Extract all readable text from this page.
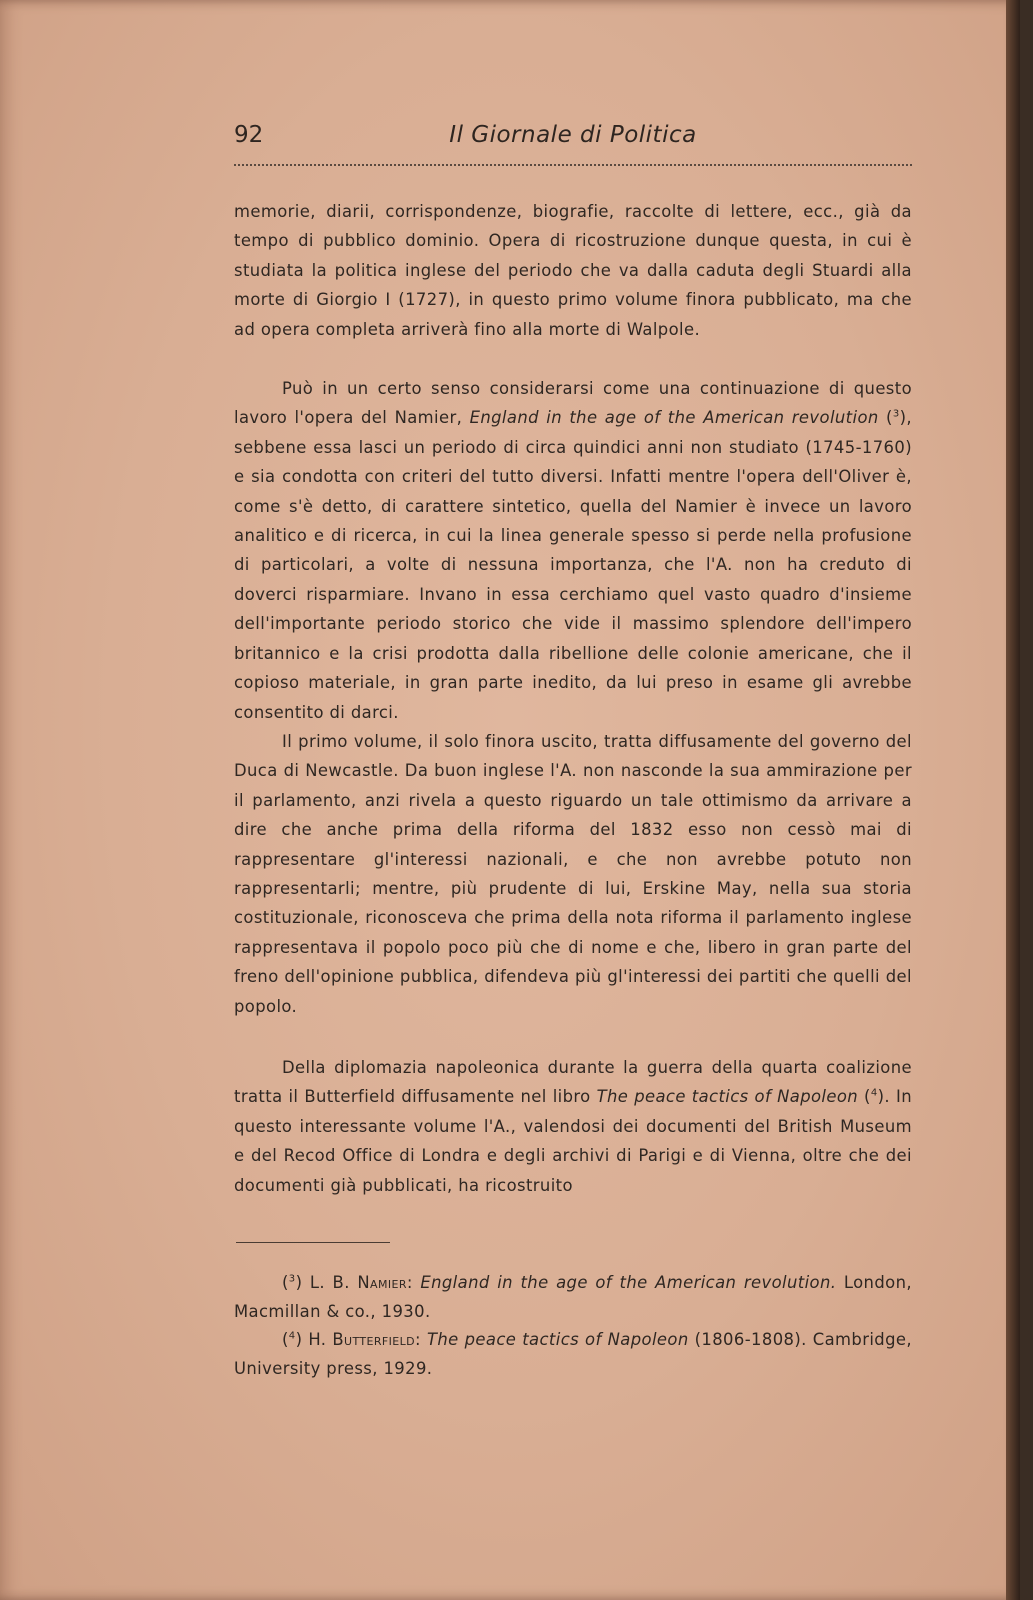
92	Il Giornale di Politica

memorie, diarii, corrispondenze, biografie, raccolte di lettere, ecc., già da tempo di pubblico dominio. Opera di ricostruzione dunque questa, in cui è studiata la politica inglese del periodo che va dalla caduta degli Stuardi alla morte di Giorgio I (1727), in questo primo volume finora pubblicato, ma che ad opera completa arriverà fino alla morte di Walpole.

Può in un certo senso considerarsi come una continuazione di questo lavoro l'opera del Namier, England in the age of the American revolution ($^3$), sebbene essa lasci un periodo di circa quindici anni non studiato (1745-1760) e sia condotta con criteri del tutto diversi. Infatti mentre l'opera dell'Oliver è, come s'è detto, di carattere sintetico, quella del Namier è invece un lavoro analitico e di ricerca, in cui la linea generale spesso si perde nella profusione di particolari, a volte di nessuna importanza, che l'A. non ha creduto di doverci risparmiare. Invano in essa cerchiamo quel vasto quadro d'insieme dell'importante periodo storico che vide il massimo splendore dell'impero britannico e la crisi prodotta dalla ribellione delle colonie americane, che il copioso materiale, in gran parte inedito, da lui preso in esame gli avrebbe consentito di darci.

Il primo volume, il solo finora uscito, tratta diffusamente del governo del Duca di Newcastle. Da buon inglese l'A. non nasconde la sua ammirazione per il parlamento, anzi rivela a questo riguardo un tale ottimismo da arrivare a dire che anche prima della riforma del 1832 esso non cessò mai di rappresentare gl'interessi nazionali, e che non avrebbe potuto non rappresentarli; mentre, più prudente di lui, Erskine May, nella sua storia costituzionale, riconosceva che prima della nota riforma il parlamento inglese rappresentava il popolo poco più che di nome e che, libero in gran parte del freno dell'opinione pubblica, difendeva più gl'interessi dei partiti che quelli del popolo.

Della diplomazia napoleonica durante la guerra della quarta coalizione tratta il Butterfield diffusamente nel libro The peace tactics of Napoleon ($^4$). In questo interessante volume l'A., valendosi dei documenti del British Museum e del Recod Office di Londra e degli archivi di Parigi e di Vienna, oltre che dei documenti già pubblicati, ha ricostruito

($^3$) L. B. Namier: England in the age of the American revolution. London, Macmillan & co., 1930.

($^4$) H. Butterfield: The peace tactics of Napoleon (1806-1808). Cambridge, University press, 1929.
